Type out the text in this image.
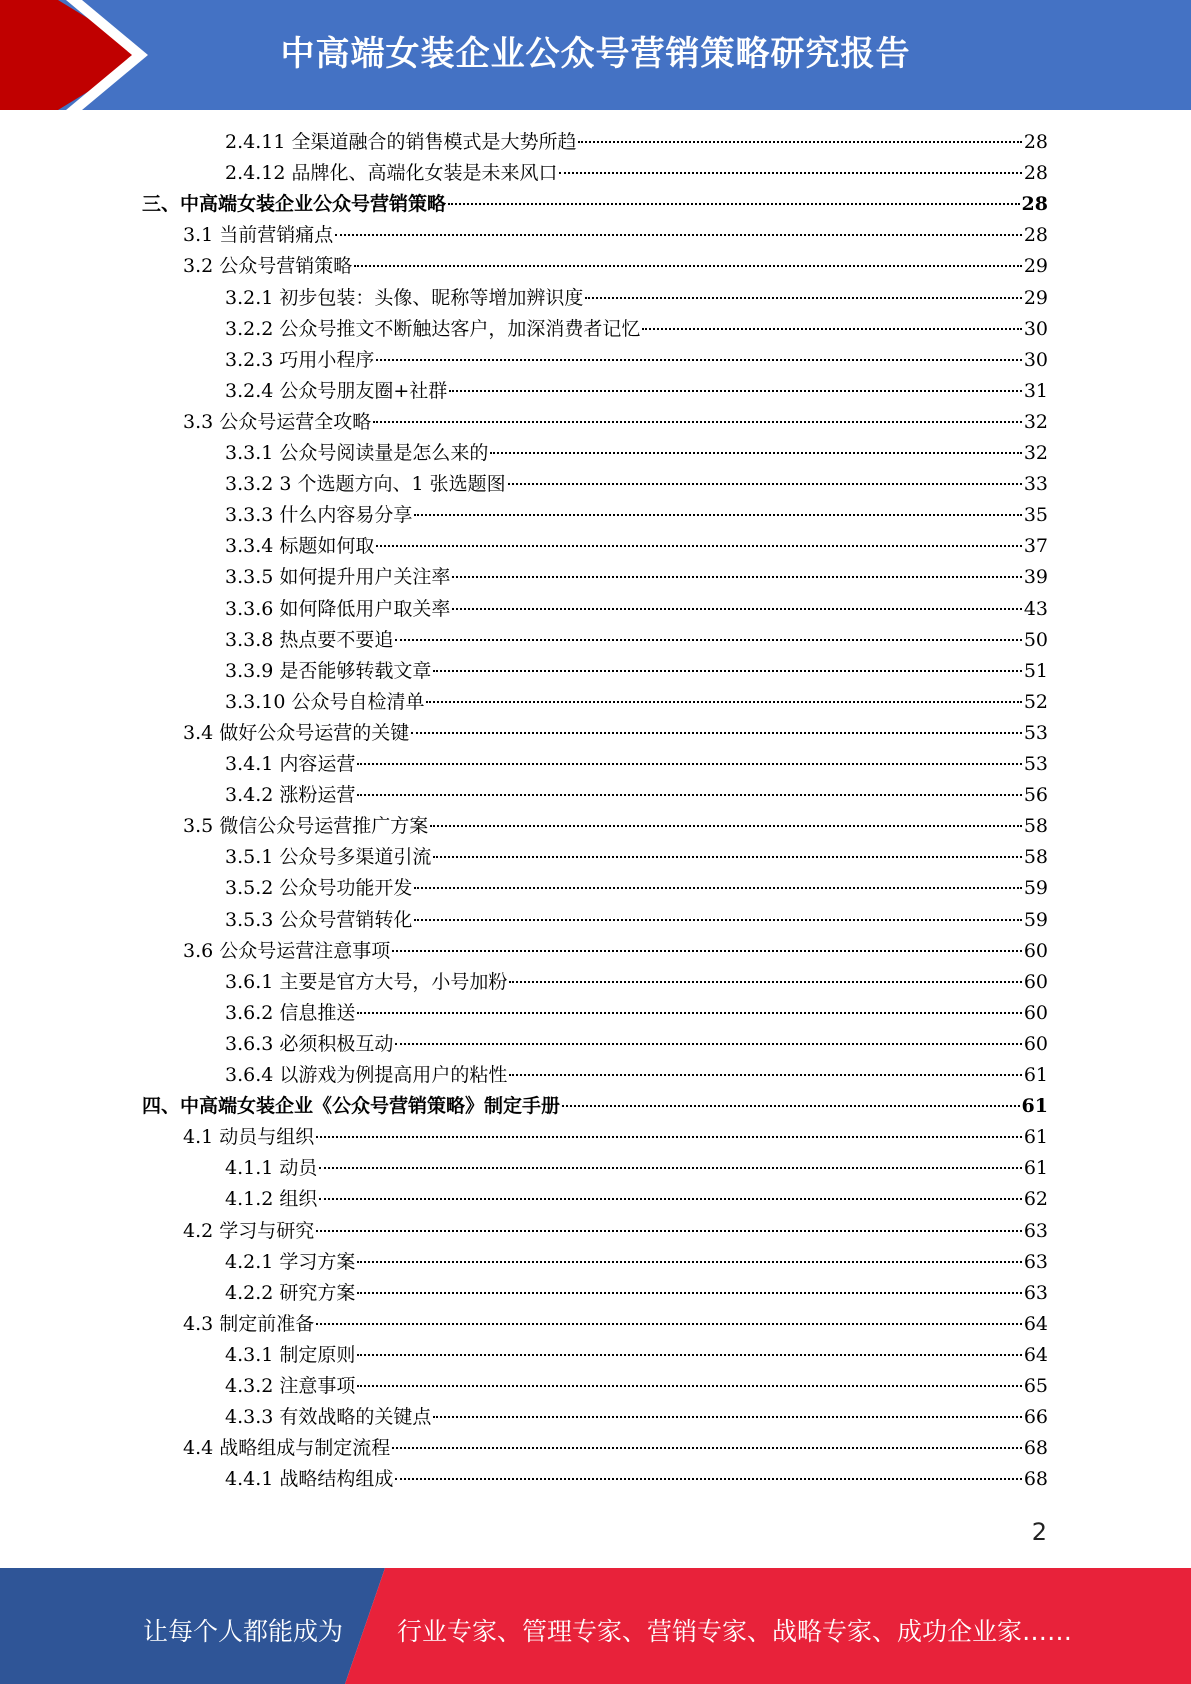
中高端女装企业公众号营销策略研究报告
2.4.11 全渠道融合的销售模式是大势所趋	28
2.4.12 品牌化、高端化女装是未来风口	28
三、中高端女装企业公众号营销策略	28
3.1 当前营销痛点	28
3.2 公众号营销策略	29
3.2.1 初步包装：头像、昵称等增加辨识度	29
3.2.2 公众号推文不断触达客户，加深消费者记忆	30
3.2.3 巧用小程序	30
3.2.4 公众号朋友圈+社群	31
3.3 公众号运营全攻略	32
3.3.1 公众号阅读量是怎么来的	32
3.3.2 3 个选题方向、1 张选题图	33
3.3.3 什么内容易分享	35
3.3.4 标题如何取	37
3.3.5 如何提升用户关注率	39
3.3.6 如何降低用户取关率	43
3.3.8 热点要不要追	50
3.3.9 是否能够转载文章	51
3.3.10 公众号自检清单	52
3.4 做好公众号运营的关键	53
3.4.1 内容运营	53
3.4.2 涨粉运营	56
3.5 微信公众号运营推广方案	58
3.5.1 公众号多渠道引流	58
3.5.2 公众号功能开发	59
3.5.3 公众号营销转化	59
3.6 公众号运营注意事项	60
3.6.1 主要是官方大号，小号加粉	60
3.6.2 信息推送	60
3.6.3 必须积极互动	60
3.6.4 以游戏为例提高用户的粘性	61
四、中高端女装企业《公众号营销策略》制定手册	61
4.1 动员与组织	61
4.1.1 动员	61
4.1.2 组织	62
4.2 学习与研究	63
4.2.1 学习方案	63
4.2.2 研究方案	63
4.3 制定前准备	64
4.3.1 制定原则	64
4.3.2 注意事项	65
4.3.3 有效战略的关键点	66
4.4 战略组成与制定流程	68
4.4.1 战略结构组成	68
2
让每个人都能成为 行业专家、管理专家、营销专家、战略专家、成功企业家……
